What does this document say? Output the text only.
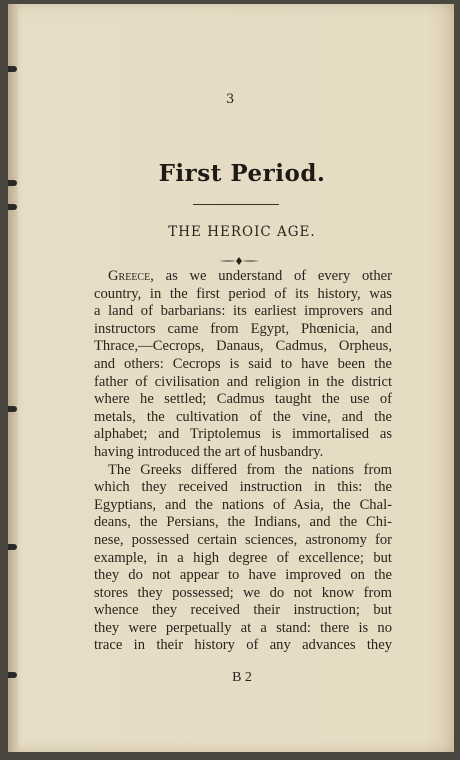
3
First Period.
THE HEROIC AGE.
Greece, as we understand of every other
country, in the first period of its history, was
a land of barbarians: its earliest improvers and
instructors came from Egypt, Phœnicia, and
Thrace,—Cecrops, Danaus, Cadmus, Orpheus,
and others: Cecrops is said to have been the
father of civilisation and religion in the district
where he settled; Cadmus taught the use of
metals, the cultivation of the vine, and the
alphabet; and Triptolemus is immortalised as
having introduced the art of husbandry.
The Greeks differed from the nations from
which they received instruction in this: the
Egyptians, and the nations of Asia, the Chal-
deans, the Persians, the Indians, and the Chi-
nese, possessed certain sciences, astronomy for
example, in a high degree of excellence; but
they do not appear to have improved on the
stores they possessed; we do not know from
whence they received their instruction; but
they were perpetually at a stand: there is no
trace in their history of any advances they
B 2
